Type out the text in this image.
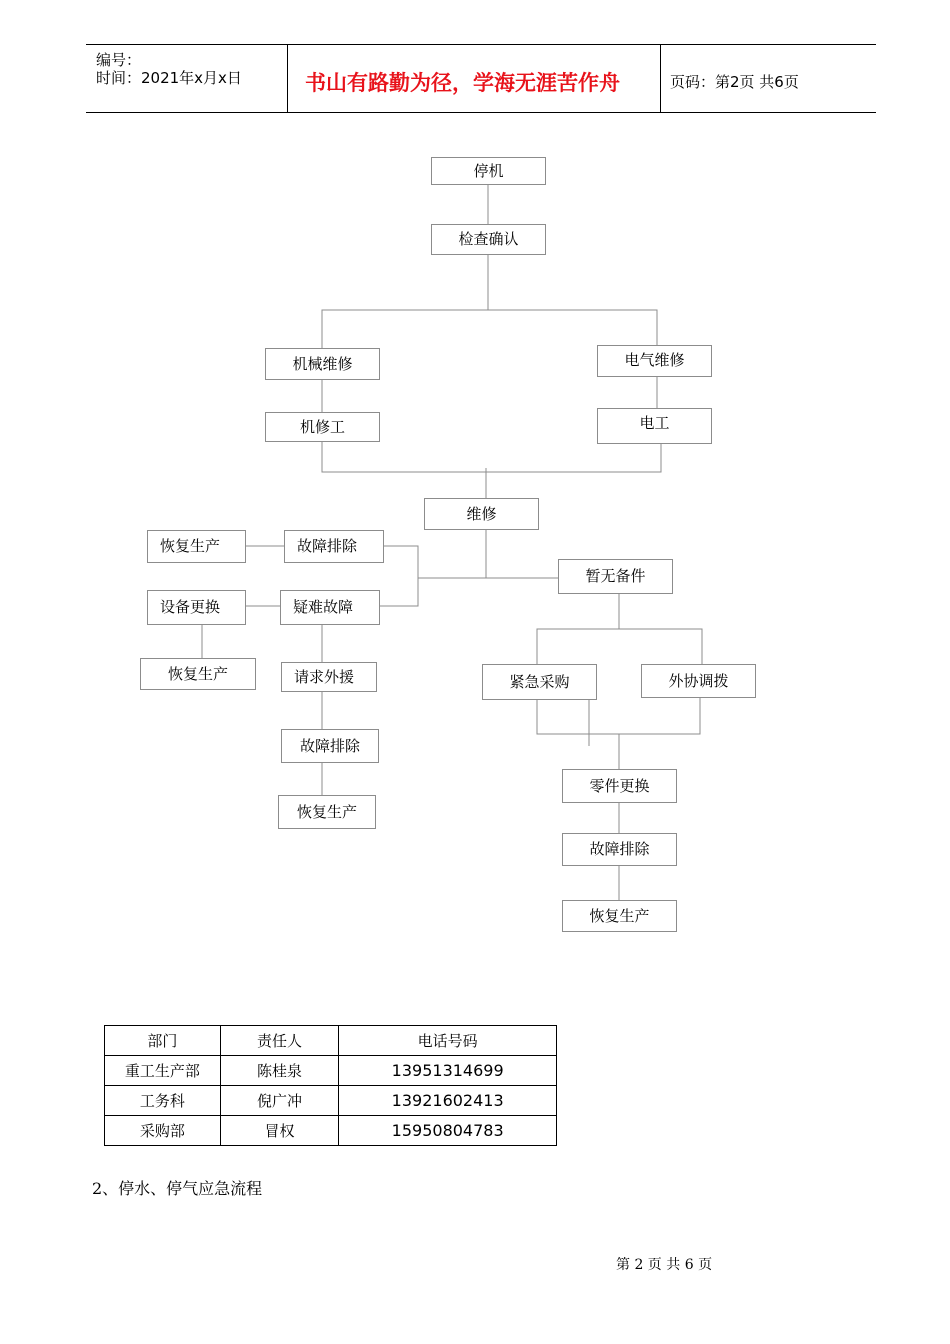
编号：
时间：2021年x月x日	书山有路勤为径，学海无涯苦作舟	页码：第2页 共6页
停机
检查确认
机械维修	电气维修
机修工	电工
维修
恢复生产	故障排除
暂无备件
设备更换	疑难故障
恢复生产	请求外援	紧急采购	外协调拨
故障排除
零件更换
恢复生产
故障排除
恢复生产
部门	责任人	电话号码
重工生产部	陈桂泉	13951314699
工务科	倪广冲	13921602413
采购部	冒权	15950804783
2、停水、停气应急流程
第 2 页 共 6 页
